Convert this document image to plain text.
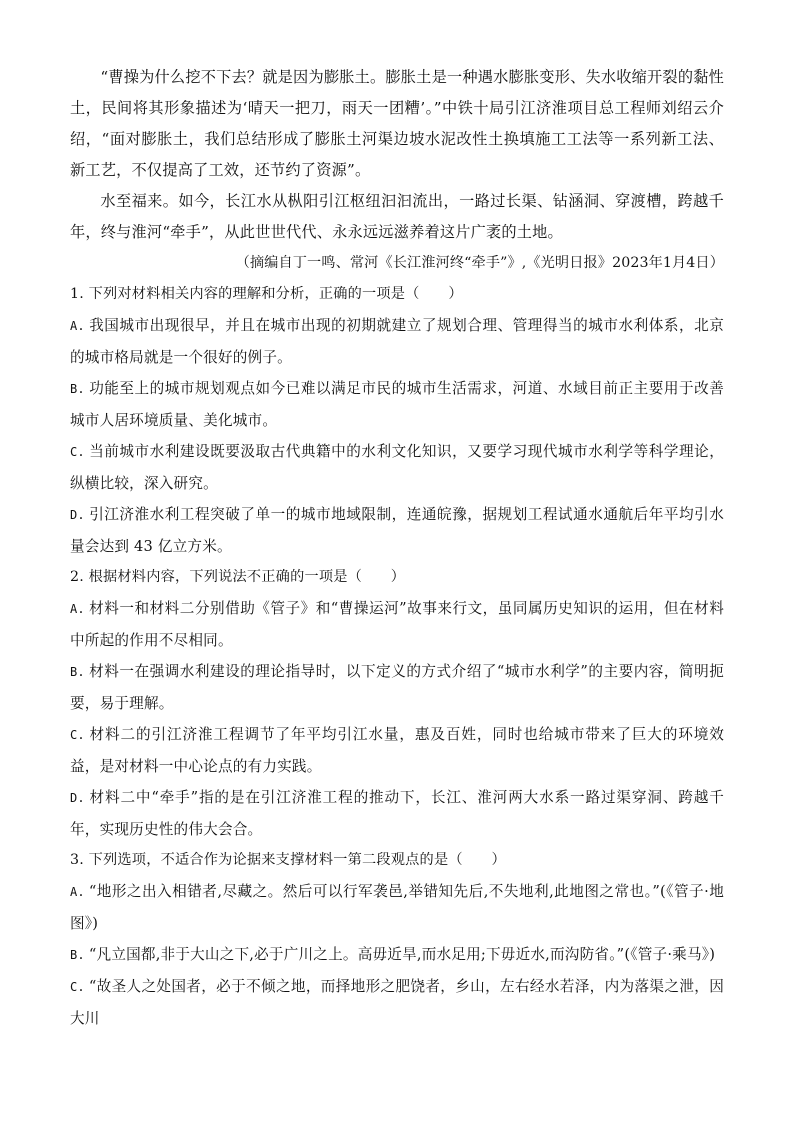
“曹操为什么挖不下去？就是因为膨胀土。膨胀土是一种遇水膨胀变形、失水收缩开裂的黏性土，民间将其形象描述为‘晴天一把刀，雨天一团糟’。”中铁十局引江济淮项目总工程师刘绍云介绍，“面对膨胀土，我们总结形成了膨胀土河渠边坡水泥改性土换填施工工法等一系列新工法、新工艺，不仅提高了工效，还节约了资源”。

水至福来。如今，长江水从枞阳引江枢纽汩汩流出，一路过长渠、钻涵洞、穿渡槽，跨越千年，终与淮河“牵手”，从此世世代代、永永远远滋养着这片广袤的土地。

（摘编自丁一鸣、常河《长江淮河终“牵手”》,《光明日报》2023年1月4日）

1. 下列对材料相关内容的理解和分析，正确的一项是（　　）

A. 我国城市出现很早，并且在城市出现的初期就建立了规划合理、管理得当的城市水利体系，北京的城市格局就是一个很好的例子。

B. 功能至上的城市规划观点如今已难以满足市民的城市生活需求，河道、水域目前正主要用于改善城市人居环境质量、美化城市。

C. 当前城市水利建设既要汲取古代典籍中的水利文化知识，又要学习现代城市水利学等科学理论，纵横比较，深入研究。

D. 引江济淮水利工程突破了单一的城市地域限制，连通皖豫，据规划工程试通水通航后年平均引水量会达到 43 亿立方米。

2. 根据材料内容，下列说法不正确的一项是（　　）

A. 材料一和材料二分别借助《管子》和“曹操运河”故事来行文，虽同属历史知识的运用，但在材料中所起的作用不尽相同。

B. 材料一在强调水利建设的理论指导时，以下定义的方式介绍了“城市水利学”的主要内容，简明扼要，易于理解。

C. 材料二的引江济淮工程调节了年平均引江水量，惠及百姓，同时也给城市带来了巨大的环境效益，是对材料一中心论点的有力实践。

D. 材料二中“牵手”指的是在引江济淮工程的推动下，长江、淮河两大水系一路过渠穿洞、跨越千年，实现历史性的伟大会合。

3. 下列选项，不适合作为论据来支撑材料一第二段观点的是（　　）

A. “地形之出入相错者,尽藏之。然后可以行军袭邑,举错知先后,不失地利,此地图之常也。”(《管子·地图》)

B. “凡立国都,非于大山之下,必于广川之上。高毋近旱,而水足用;下毋近水,而沟防省。”(《管子·乘马》)

C. “故圣人之处国者，必于不倾之地，而择地形之肥饶者，乡山，左右经水若泽，内为落渠之泄，因大川
